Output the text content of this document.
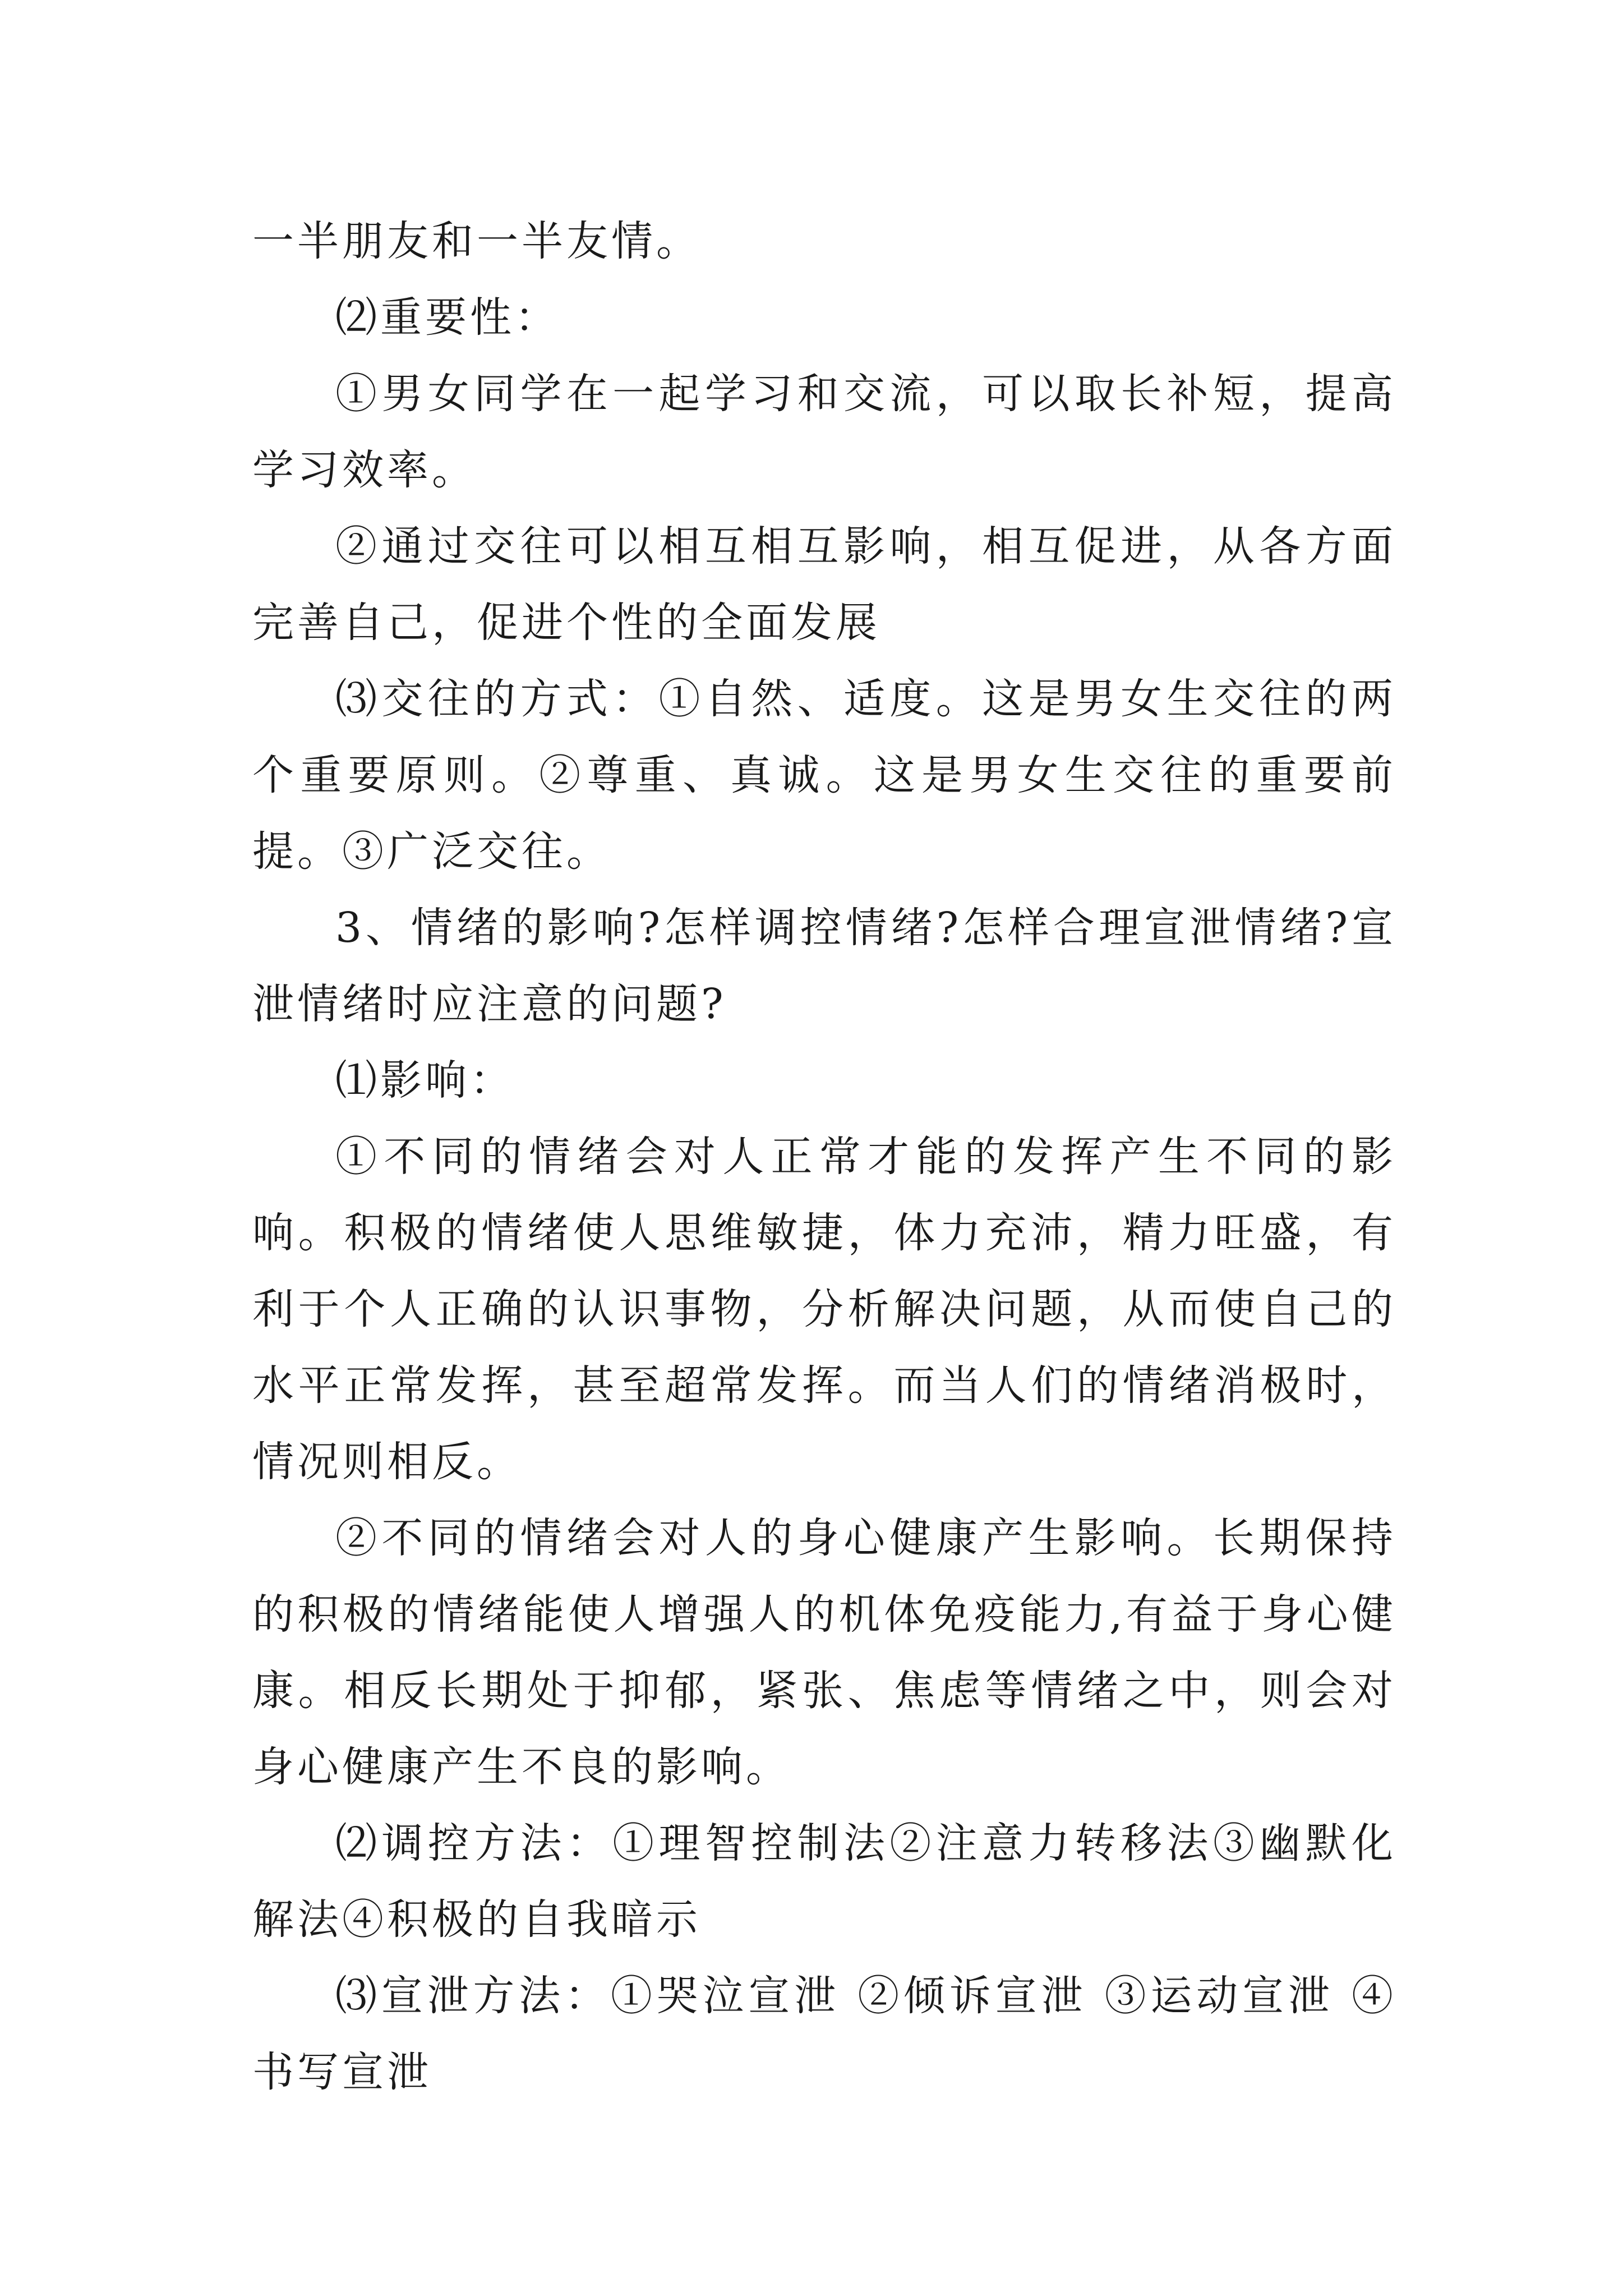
一半朋友和一半友情。

⑵重要性：

①男女同学在一起学习和交流，可以取长补短，提高学习效率。

②通过交往可以相互相互影响，相互促进，从各方面完善自己，促进个性的全面发展

⑶交往的方式：①自然、适度。这是男女生交往的两个重要原则。②尊重、真诚。这是男女生交往的重要前提。③广泛交往。

3、情绪的影响?怎样调控情绪?怎样合理宣泄情绪?宣泄情绪时应注意的问题?

⑴影响：

①不同的情绪会对人正常才能的发挥产生不同的影响。积极的情绪使人思维敏捷，体力充沛，精力旺盛，有利于个人正确的认识事物，分析解决问题，从而使自己的水平正常发挥，甚至超常发挥。而当人们的情绪消极时，情况则相反。

②不同的情绪会对人的身心健康产生影响。长期保持的积极的情绪能使人增强人的机体免疫能力,有益于身心健康。相反长期处于抑郁，紧张、焦虑等情绪之中，则会对身心健康产生不良的影响。

⑵调控方法：①理智控制法②注意力转移法③幽默化解法④积极的自我暗示

⑶宣泄方法：①哭泣宣泄 ②倾诉宣泄 ③运动宣泄 ④书写宣泄
